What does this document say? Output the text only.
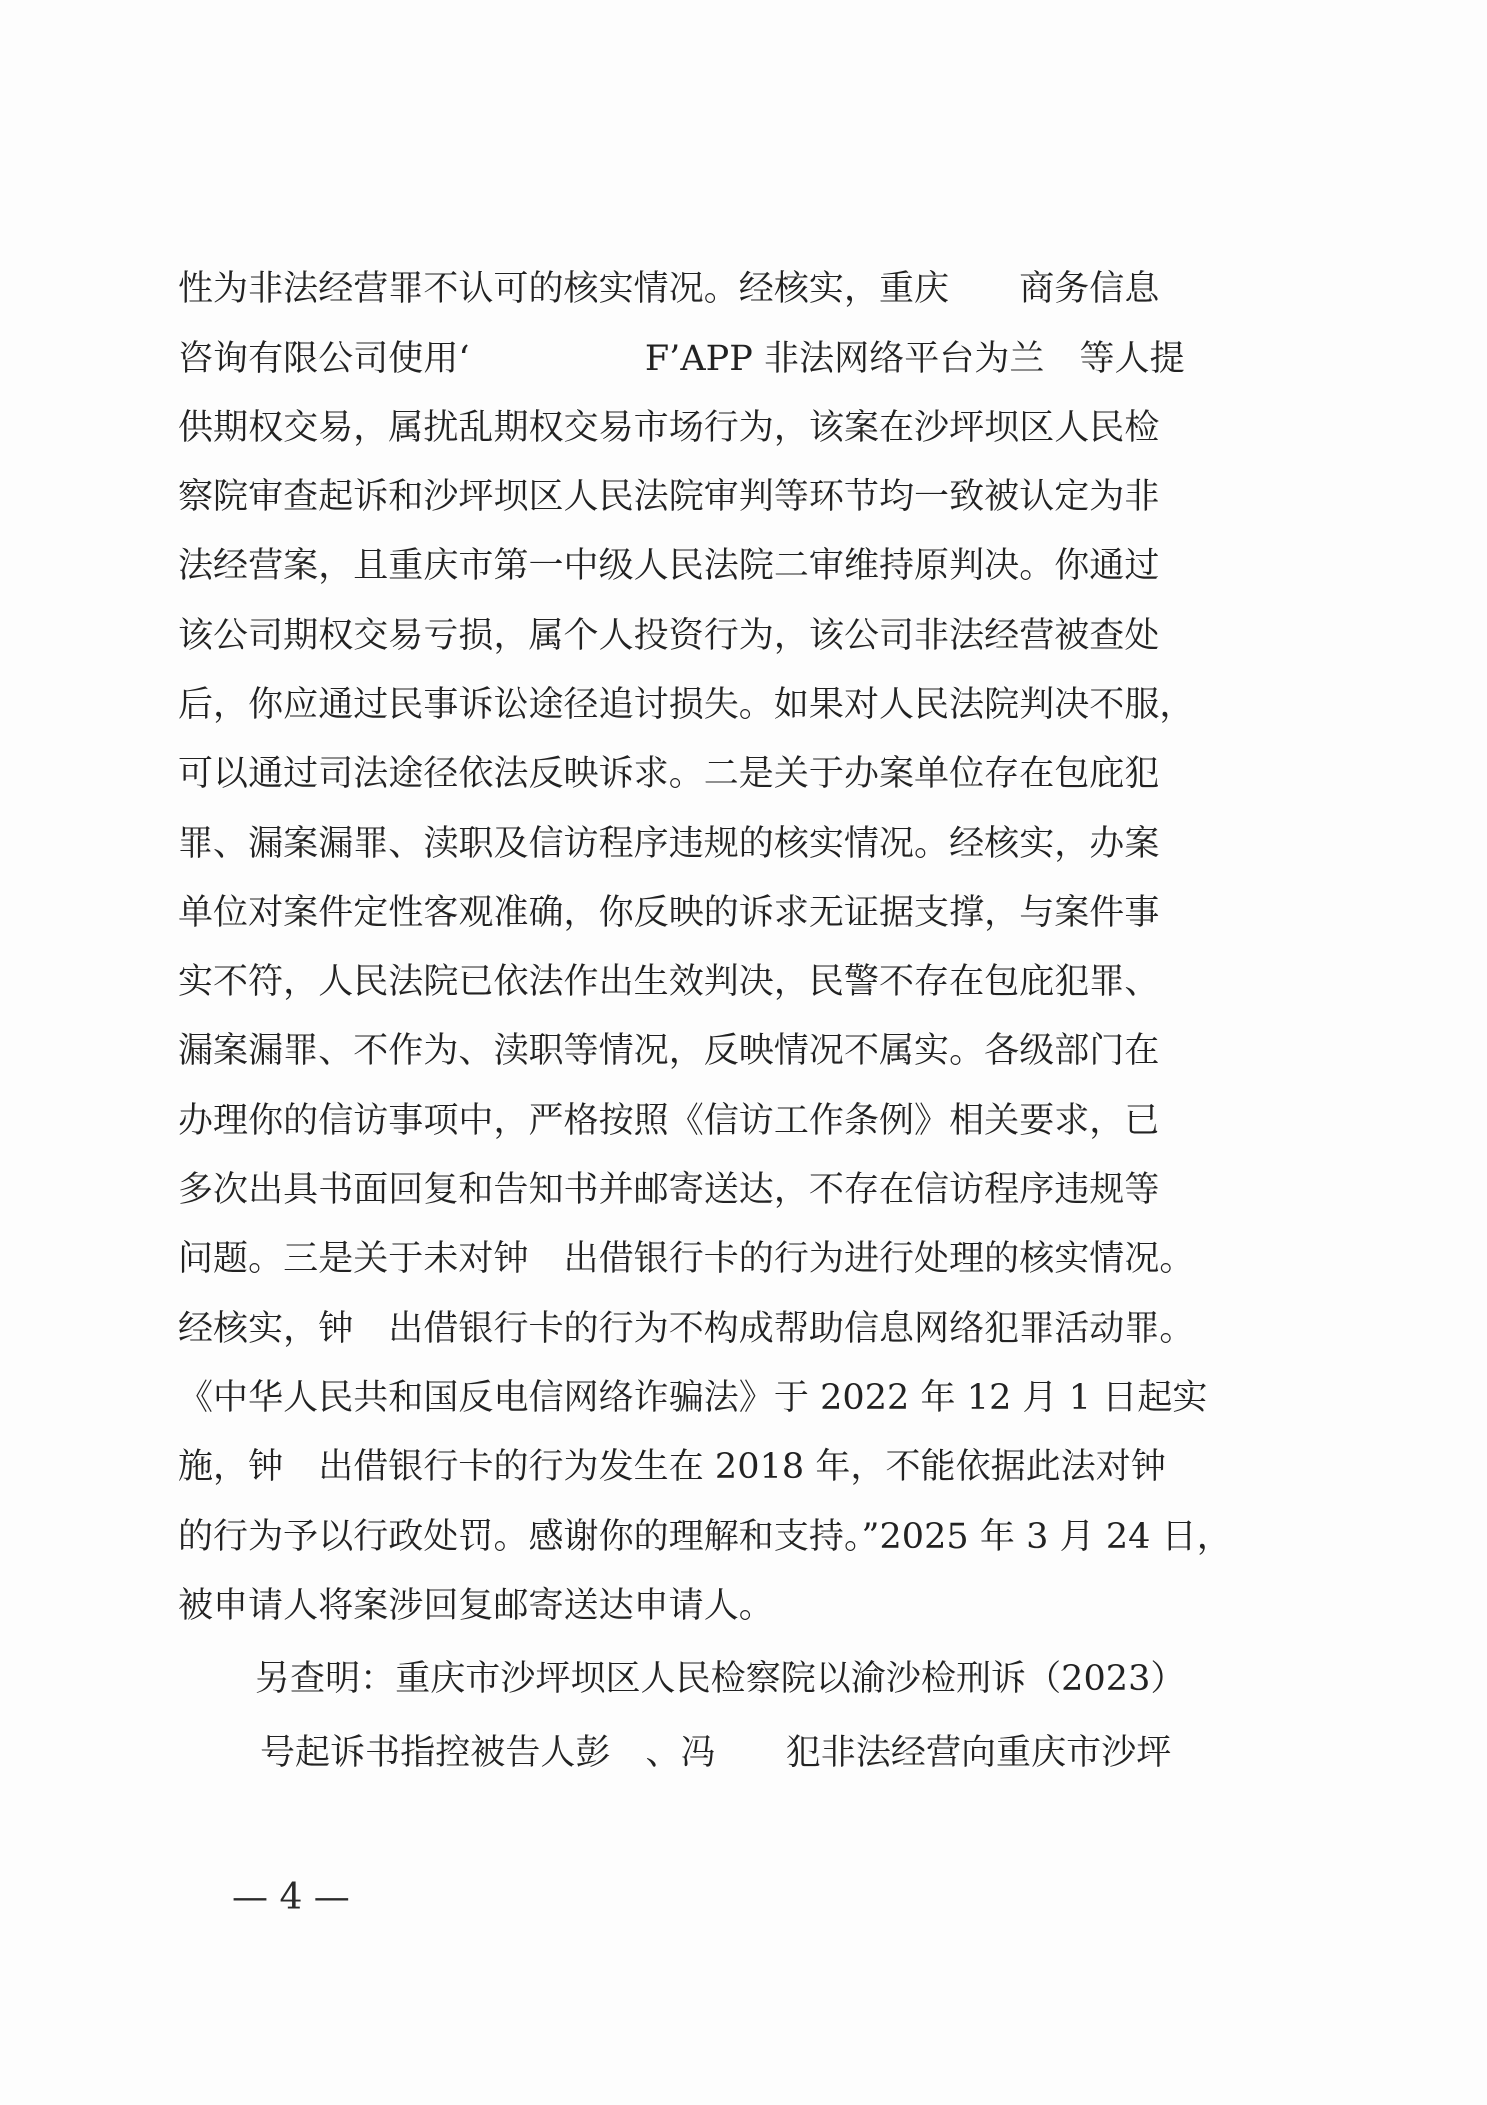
性为非法经营罪不认可的核实情况。经核实，重庆　　商务信息
咨询有限公司使用‘　　　　　F’APP 非法网络平台为兰　等人提
供期权交易，属扰乱期权交易市场行为，该案在沙坪坝区人民检
察院审查起诉和沙坪坝区人民法院审判等环节均一致被认定为非
法经营案，且重庆市第一中级人民法院二审维持原判决。你通过
该公司期权交易亏损，属个人投资行为，该公司非法经营被查处
后，你应通过民事诉讼途径追讨损失。如果对人民法院判决不服，
可以通过司法途径依法反映诉求。二是关于办案单位存在包庇犯
罪、漏案漏罪、渎职及信访程序违规的核实情况。经核实，办案
单位对案件定性客观准确，你反映的诉求无证据支撑，与案件事
实不符，人民法院已依法作出生效判决，民警不存在包庇犯罪、
漏案漏罪、不作为、渎职等情况，反映情况不属实。各级部门在
办理你的信访事项中，严格按照《信访工作条例》相关要求，已
多次出具书面回复和告知书并邮寄送达，不存在信访程序违规等
问题。三是关于未对钟　出借银行卡的行为进行处理的核实情况。
经核实，钟　出借银行卡的行为不构成帮助信息网络犯罪活动罪。
《中华人民共和国反电信网络诈骗法》于 2022 年 12 月 1 日起实
施，钟　出借银行卡的行为发生在 2018 年，不能依据此法对钟
的行为予以行政处罚。感谢你的理解和支持。”2025 年 3 月 24 日，
被申请人将案涉回复邮寄送达申请人。
另查明：重庆市沙坪坝区人民检察院以渝沙检刑诉（2023）
号起诉书指控被告人彭　、冯　　犯非法经营向重庆市沙坪
— 4 —
